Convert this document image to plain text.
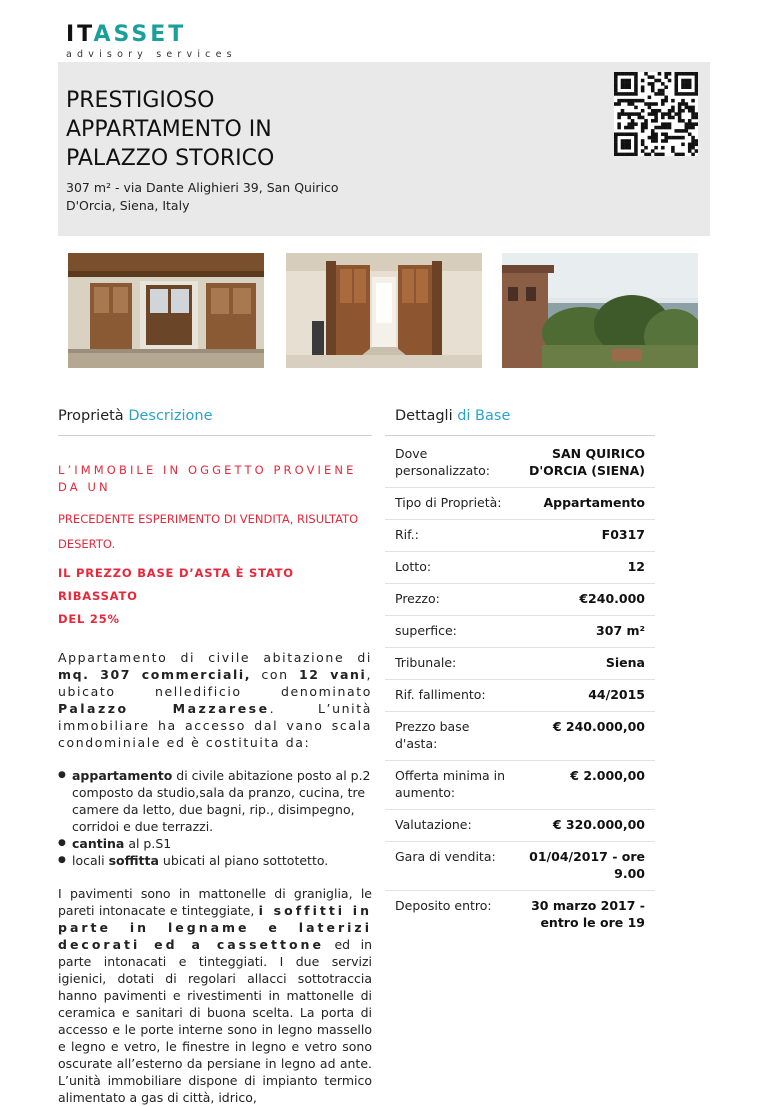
ITASSET
advisory services
PRESTIGIOSO APPARTAMENTO IN PALAZZO STORICO
307 m² - via Dante Alighieri 39, San Quirico
D'Orcia, Siena, Italy
Proprietà Descrizione	Dettagli di Base
L’IMMOBILE IN OGGETTO PROVIENE DA UN
PRECEDENTE ESPERIMENTO DI VENDITA, RISULTATO
DESERTO.
IL PREZZO BASE D’ASTA È STATO RIBASSATO
DEL 25%
Appartamento di civile abitazione di mq. 307 commerciali, con 12 vani, ubicato nelledificio denominato Palazzo Mazzarese. L’unità immobiliare ha accesso dal vano scala condominiale ed è costituita da:
● appartamento di civile abitazione posto al p.2 composto da studio,sala da pranzo, cucina, tre camere da letto, due bagni, rip., disimpegno, corridoi e due terrazzi.
● cantina al p.S1
● locali soffitta ubicati al piano sottotetto.
I pavimenti sono in mattonelle di graniglia, le pareti intonacate e tinteggiate, i soffitti in parte in legname e laterizi decorati ed a cassettone ed in parte intonacati e tinteggiati. I due servizi igienici, dotati di regolari allacci sottotraccia hanno pavimenti e rivestimenti in mattonelle di ceramica e sanitari di buona scelta. La porta di accesso e le porte interne sono in legno massello e legno e vetro, le finestre in legno e vetro sono oscurate all’esterno da persiane in legno ad ante. L’unità immobiliare dispone di impianto termico alimentato a gas di città, idrico,
Dove personalizzato:
SAN QUIRICO D'ORCIA (SIENA)
Tipo di Proprietà:	Appartamento
Rif.:	F0317
Lotto:	12
Prezzo:	€240.000
superfice:	307 m²
Tribunale:	Siena
Rif. fallimento:	44/2015
Prezzo base d'asta:
€ 240.000,00
Offerta minima in aumento:
€ 2.000,00
Valutazione:	€ 320.000,00
Gara di vendita:	01/04/2017 - ore 9.00
Deposito entro:	30 marzo 2017 - entro le ore 19
